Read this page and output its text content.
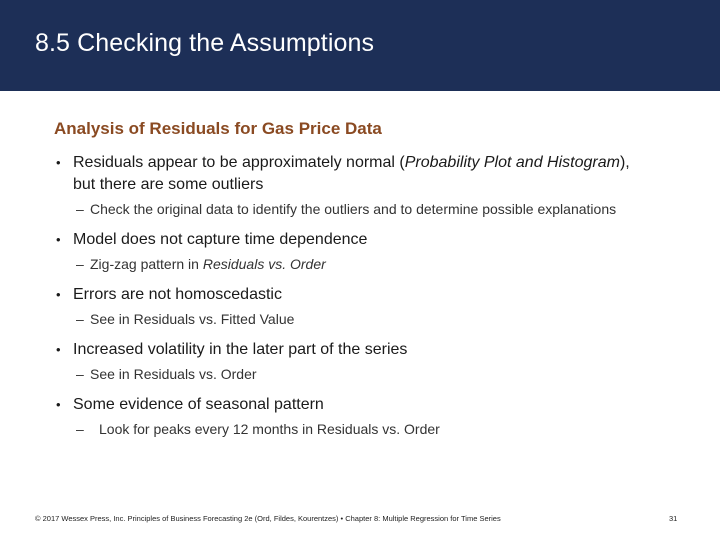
8.5 Checking the Assumptions
Analysis of Residuals for Gas Price Data
• Residuals appear to be approximately normal (Probability Plot and Histogram), but there are some outliers
– Check the original data to identify the outliers and to determine possible explanations
• Model does not capture time dependence
– Zig-zag pattern in Residuals vs. Order
• Errors are not homoscedastic
– See in Residuals vs. Fitted Value
• Increased volatility in the later part of the series
– See in Residuals vs. Order
• Some evidence of seasonal pattern
– Look for peaks every 12 months in Residuals vs. Order

© 2017 Wessex Press, Inc. Principles of Business Forecasting 2e (Ord, Fildes, Kourentzes) • Chapter 8: Multiple Regression for Time Series	31
